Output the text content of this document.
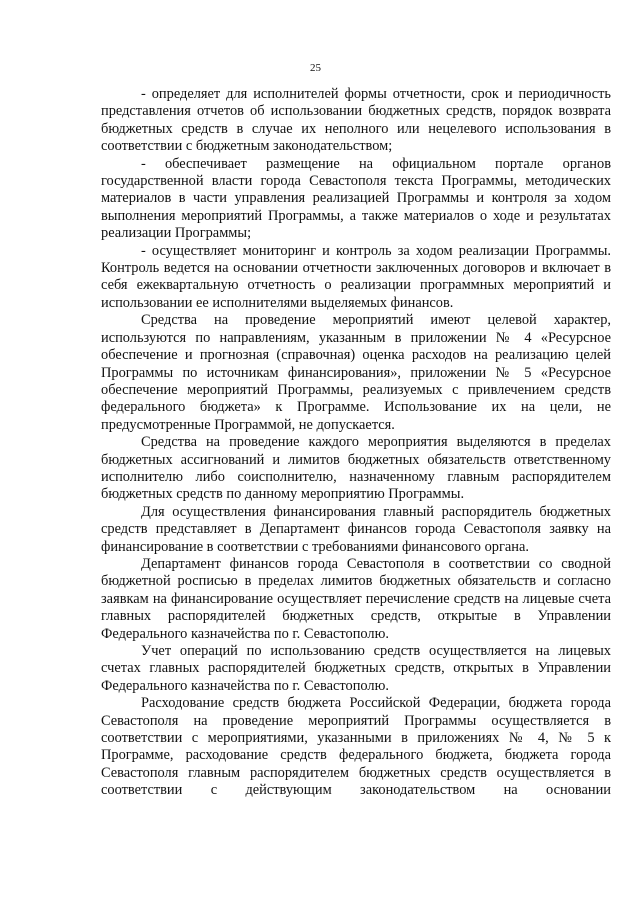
25

- определяет для исполнителей формы отчетности, срок и периодичность представления отчетов об использовании бюджетных средств, порядок возврата бюджетных средств в случае их неполного или нецелевого использования в соответствии с бюджетным законодательством;

- обеспечивает размещение на официальном портале органов государственной власти города Севастополя текста Программы, методических материалов в части управления реализацией Программы и контроля за ходом выполнения мероприятий Программы, а также материалов о ходе и результатах реализации Программы;

- осуществляет мониторинг и контроль за ходом реализации Программы. Контроль ведется на основании отчетности заключенных договоров и включает в себя ежеквартальную отчетность о реализации программных мероприятий и использовании ее исполнителями выделяемых финансов.

Средства на проведение мероприятий имеют целевой характер, используются по направлениям, указанным в приложении № 4 «Ресурсное обеспечение и прогнозная (справочная) оценка расходов на реализацию целей Программы по источникам финансирования», приложении № 5 «Ресурсное обеспечение мероприятий Программы, реализуемых с привлечением средств федерального бюджета» к Программе. Использование их на цели, не предусмотренные Программой, не допускается.

Средства на проведение каждого мероприятия выделяются в пределах бюджетных ассигнований и лимитов бюджетных обязательств ответственному исполнителю либо соисполнителю, назначенному главным распорядителем бюджетных средств по данному мероприятию Программы.

Для осуществления финансирования главный распорядитель бюджетных средств представляет в Департамент финансов города Севастополя заявку на финансирование в соответствии с требованиями финансового органа.

Департамент финансов города Севастополя в соответствии со сводной бюджетной росписью в пределах лимитов бюджетных обязательств и согласно заявкам на финансирование осуществляет перечисление средств на лицевые счета главных распорядителей бюджетных средств, открытые в Управлении Федерального казначейства по г. Севастополю.

Учет операций по использованию средств осуществляется на лицевых счетах главных распорядителей бюджетных средств, открытых в Управлении Федерального казначейства по г. Севастополю.

Расходование средств бюджета Российской Федерации, бюджета города Севастополя на проведение мероприятий Программы осуществляется в соответствии с мероприятиями, указанными в приложениях № 4, № 5 к Программе, расходование средств федерального бюджета, бюджета города Севастополя главным распорядителем бюджетных средств осуществляется в соответствии с действующим законодательством на основании
